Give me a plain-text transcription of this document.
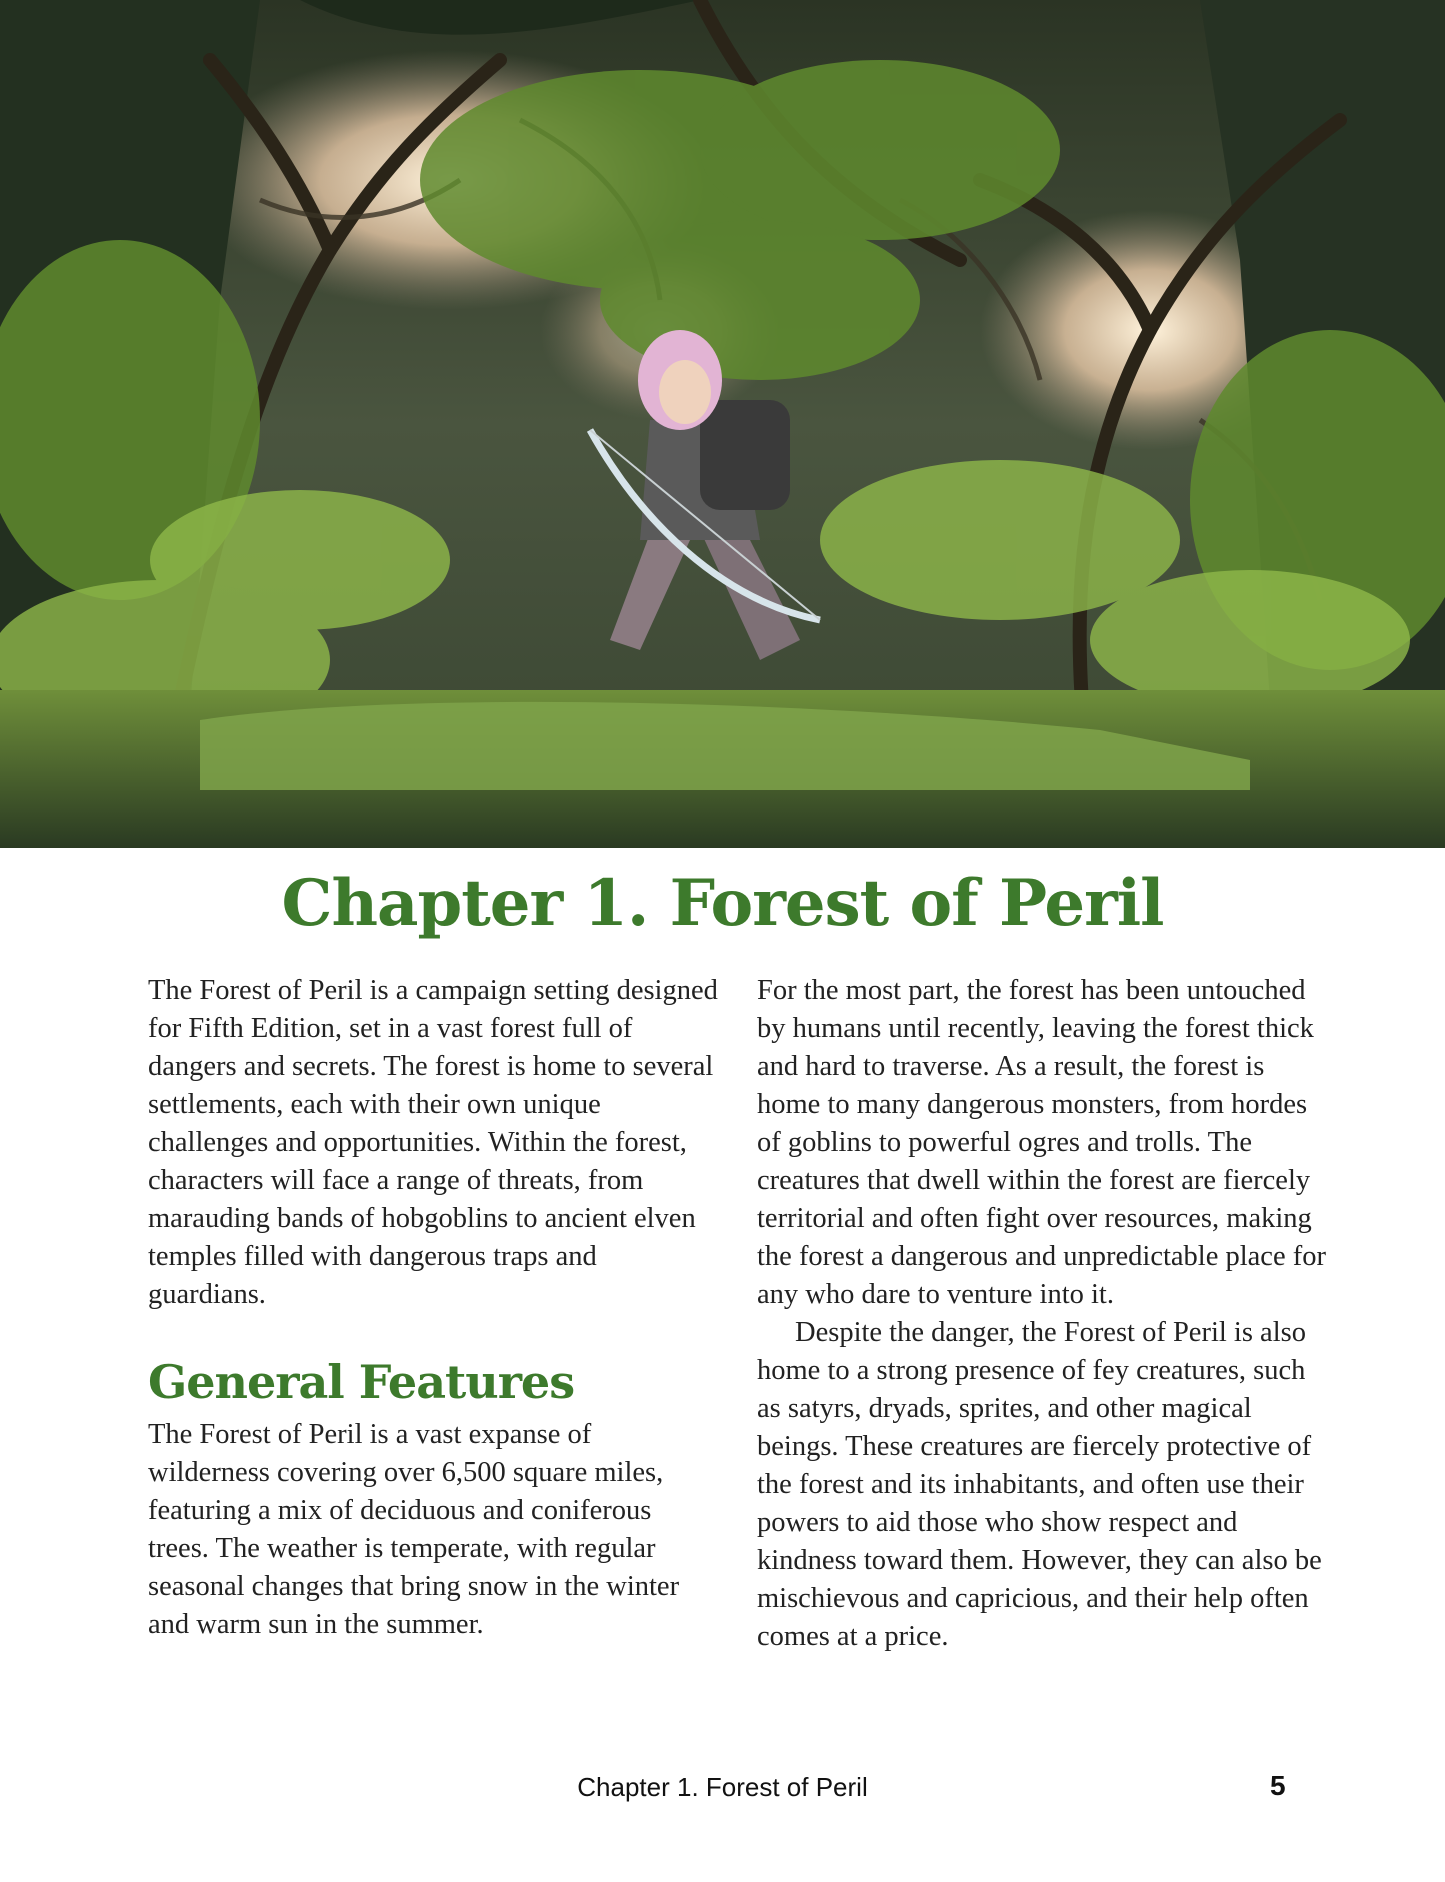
Chapter 1. Forest of Peril

The Forest of Peril is a campaign setting designed for Fifth Edition, set in a vast forest full of dangers and secrets. The forest is home to several settlements, each with their own unique challenges and opportunities. Within the forest, characters will face a range of threats, from marauding bands of hobgoblins to ancient elven temples filled with dangerous traps and guardians.

General Features

The Forest of Peril is a vast expanse of wilderness covering over 6,500 square miles, featuring a mix of deciduous and coniferous trees. The weather is temperate, with regular seasonal changes that bring snow in the winter and warm sun in the summer.

For the most part, the forest has been untouched by humans until recently, leaving the forest thick and hard to traverse. As a result, the forest is home to many dangerous monsters, from hordes of goblins to powerful ogres and trolls. The creatures that dwell within the forest are fiercely territorial and often fight over resources, making the forest a dangerous and unpredictable place for any who dare to venture into it.

Despite the danger, the Forest of Peril is also home to a strong presence of fey creatures, such as satyrs, dryads, sprites, and other magical beings. These creatures are fiercely protective of the forest and its inhabitants, and often use their powers to aid those who show respect and kindness toward them. However, they can also be mischievous and capricious, and their help often comes at a price.

Chapter 1. Forest of Peril	5
